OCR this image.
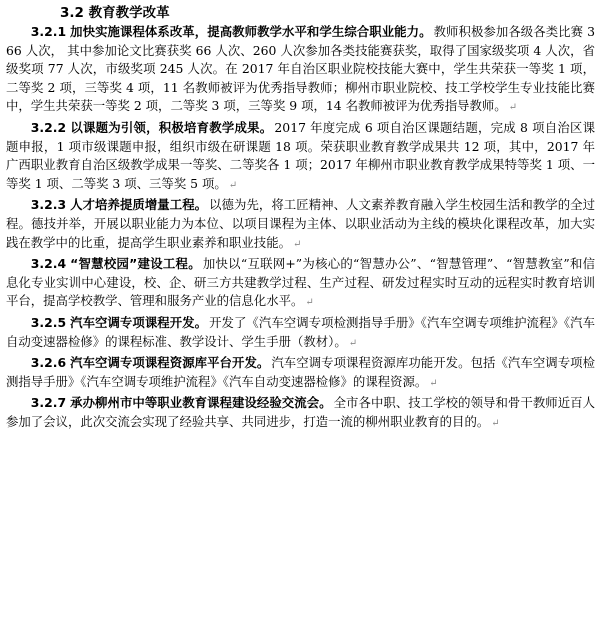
3.2 教育教学改革

3.2.1 加快实施课程体系改革，提高教师教学水平和学生综合职业能力。 教师积极参加各级各类比赛 366 人次， 其中参加论文比赛获奖 66 人次、260 人次参加各类技能赛获奖，取得了国家级奖项 4 人次，省级奖项 77 人次，市级奖项 245 人次。在 2017 年自治区职业院校技能大赛中，学生共荣获一等奖 1 项，二等奖 2 项，三等奖 4 项，11 名教师被评为优秀指导教师；柳州市职业院校、技工学校学生专业技能比赛中，学生共荣获一等奖 2 项，二等奖 3 项，三等奖 9 项，14 名教师被评为优秀指导教师。 ↵

3.2.2 以课题为引领，积极培育教学成果。 2017 年度完成 6 项自治区课题结题，完成 8 项自治区课题申报，1 项市级课题申报，组织市级在研课题 18 项。荣获职业教育教学成果共 12 项，其中，2017 年广西职业教育自治区级教学成果一等奖、二等奖各 1 项；2017 年柳州市职业教育教学成果特等奖 1 项、一等奖 1 项、二等奖 3 项、三等奖 5 项。 ↵

3.2.3 人才培养提质增量工程。 以德为先，将工匠精神、人文素养教育融入学生校园生活和教学的全过程。德技并举，开展以职业能力为本位、以项目课程为主体、以职业活动为主线的模块化课程改革，加大实践在教学中的比重，提高学生职业素养和职业技能。 ↵

3.2.4 “智慧校园”建设工程。 加快以“互联网+”为核心的“智慧办公”、“智慧管理”、“智慧教室”和信息化专业实训中心建设，校、企、研三方共建教学过程、生产过程、研发过程实时互动的远程实时教育培训平台，提高学校教学、管理和服务产业的信息化水平。 ↵

3.2.5 汽车空调专项课程开发。 开发了《汽车空调专项检测指导手册》《汽车空调专项维护流程》《汽车自动变速器检修》的课程标准、教学设计、学生手册（教材）。 ↵

3.2.6 汽车空调专项课程资源库平台开发。 汽车空调专项课程资源库功能开发。包括《汽车空调专项检测指导手册》《汽车空调专项维护流程》《汽车自动变速器检修》的课程资源。 ↵

3.2.7 承办柳州市中等职业教育课程建设经验交流会。 全市各中职、技工学校的领导和骨干教师近百人参加了会议，此次交流会实现了经验共享、共同进步，打造一流的柳州职业教育的目的。 ↵
